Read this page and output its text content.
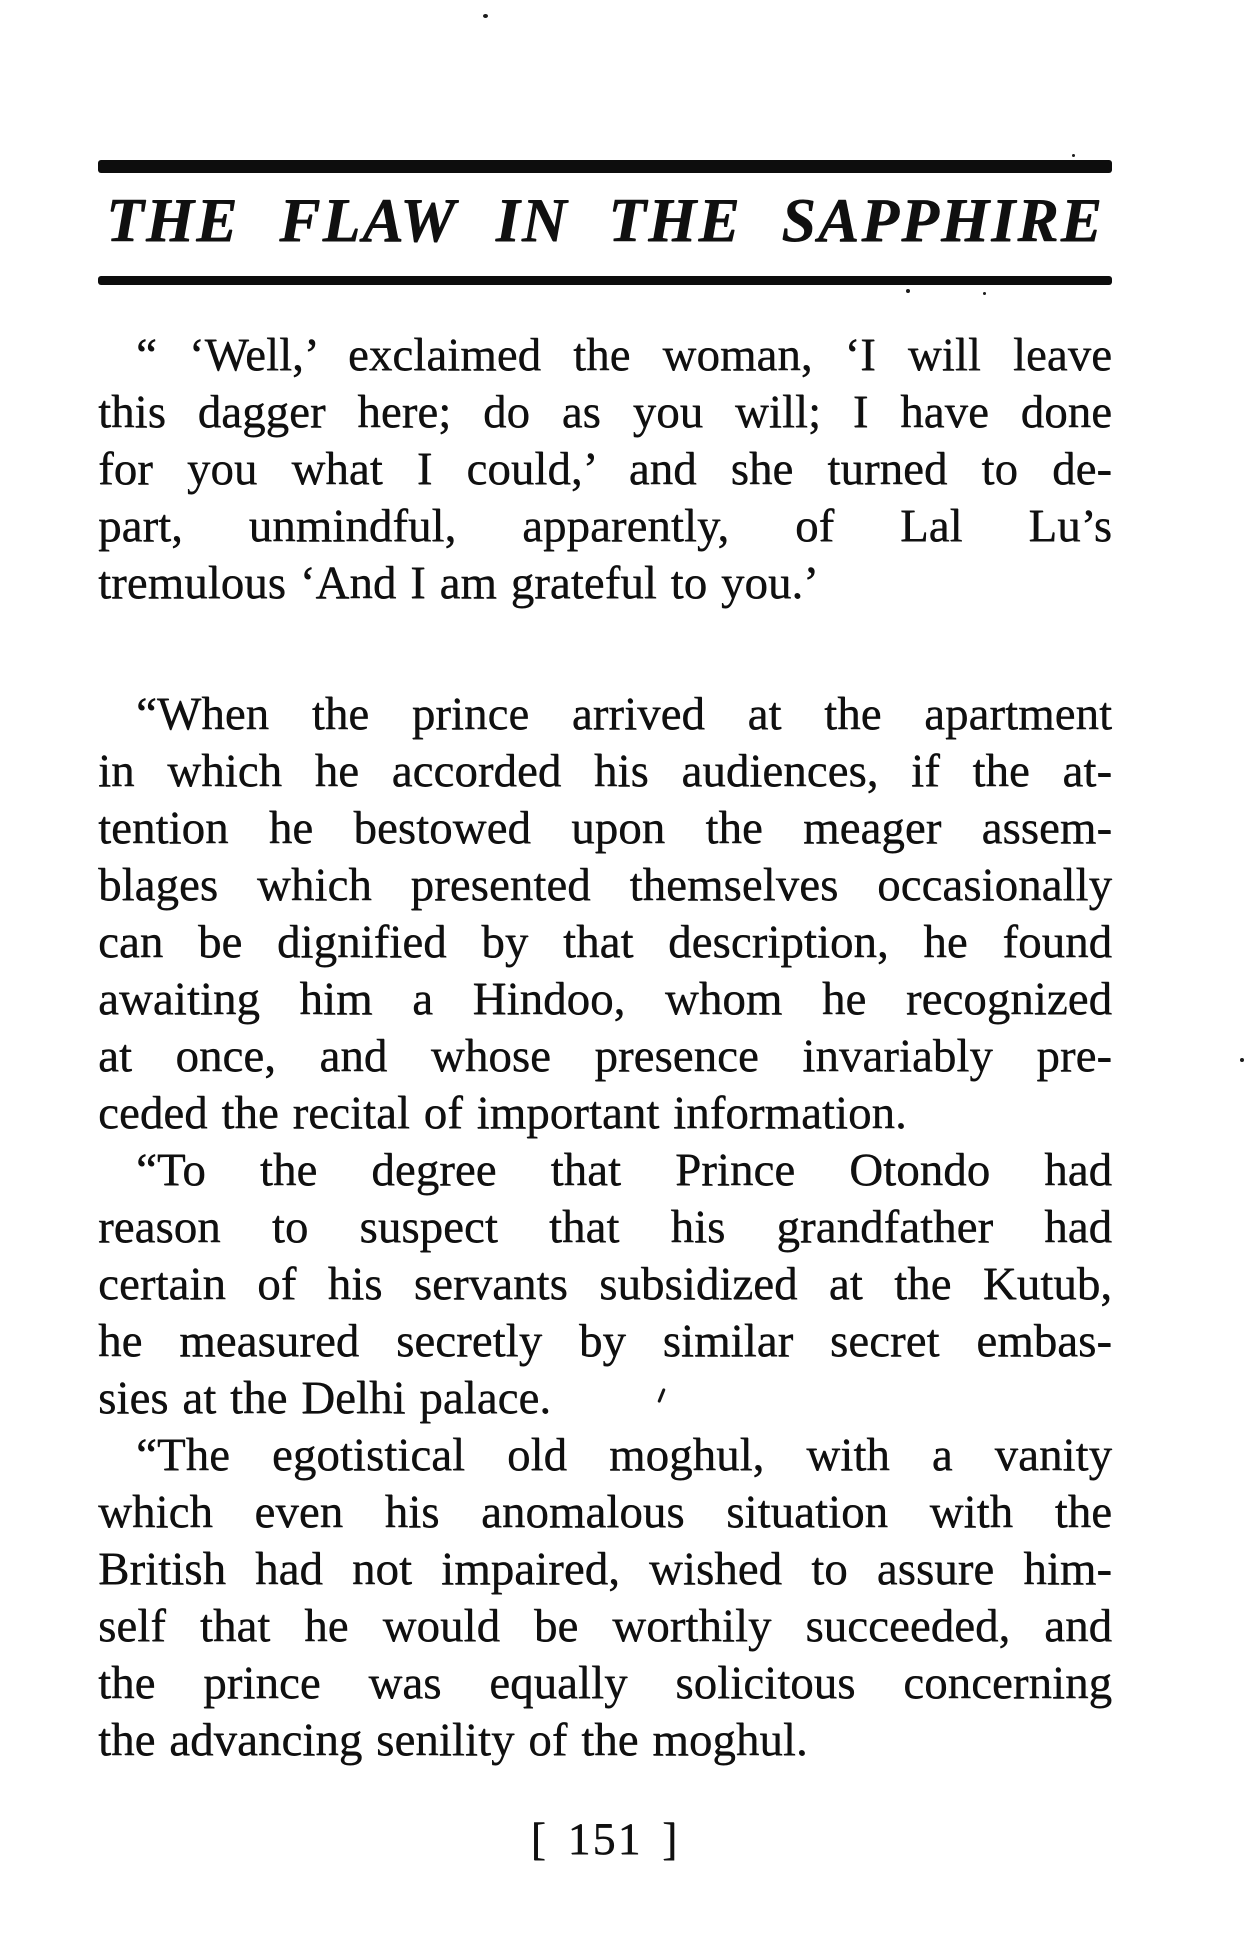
THE FLAW IN THE SAPPHIRE
“ ‘Well,’ exclaimed the woman, ‘I will leave
this dagger here; do as you will; I have done
for you what I could,’ and she turned to de-
part, unmindful, apparently, of Lal Lu’s
tremulous ‘And I am grateful to you.’
“When the prince arrived at the apartment
in which he accorded his audiences, if the at-
tention he bestowed upon the meager assem-
blages which presented themselves occasionally
can be dignified by that description, he found
awaiting him a Hindoo, whom he recognized
at once, and whose presence invariably pre-
ceded the recital of important information.
“To the degree that Prince Otondo had
reason to suspect that his grandfather had
certain of his servants subsidized at the Kutub,
he measured secretly by similar secret embas-
sies at the Delhi palace.
“The egotistical old moghul, with a vanity
which even his anomalous situation with the
British had not impaired, wished to assure him-
self that he would be worthily succeeded, and
the prince was equally solicitous concerning
the advancing senility of the moghul.
[ 151 ]
